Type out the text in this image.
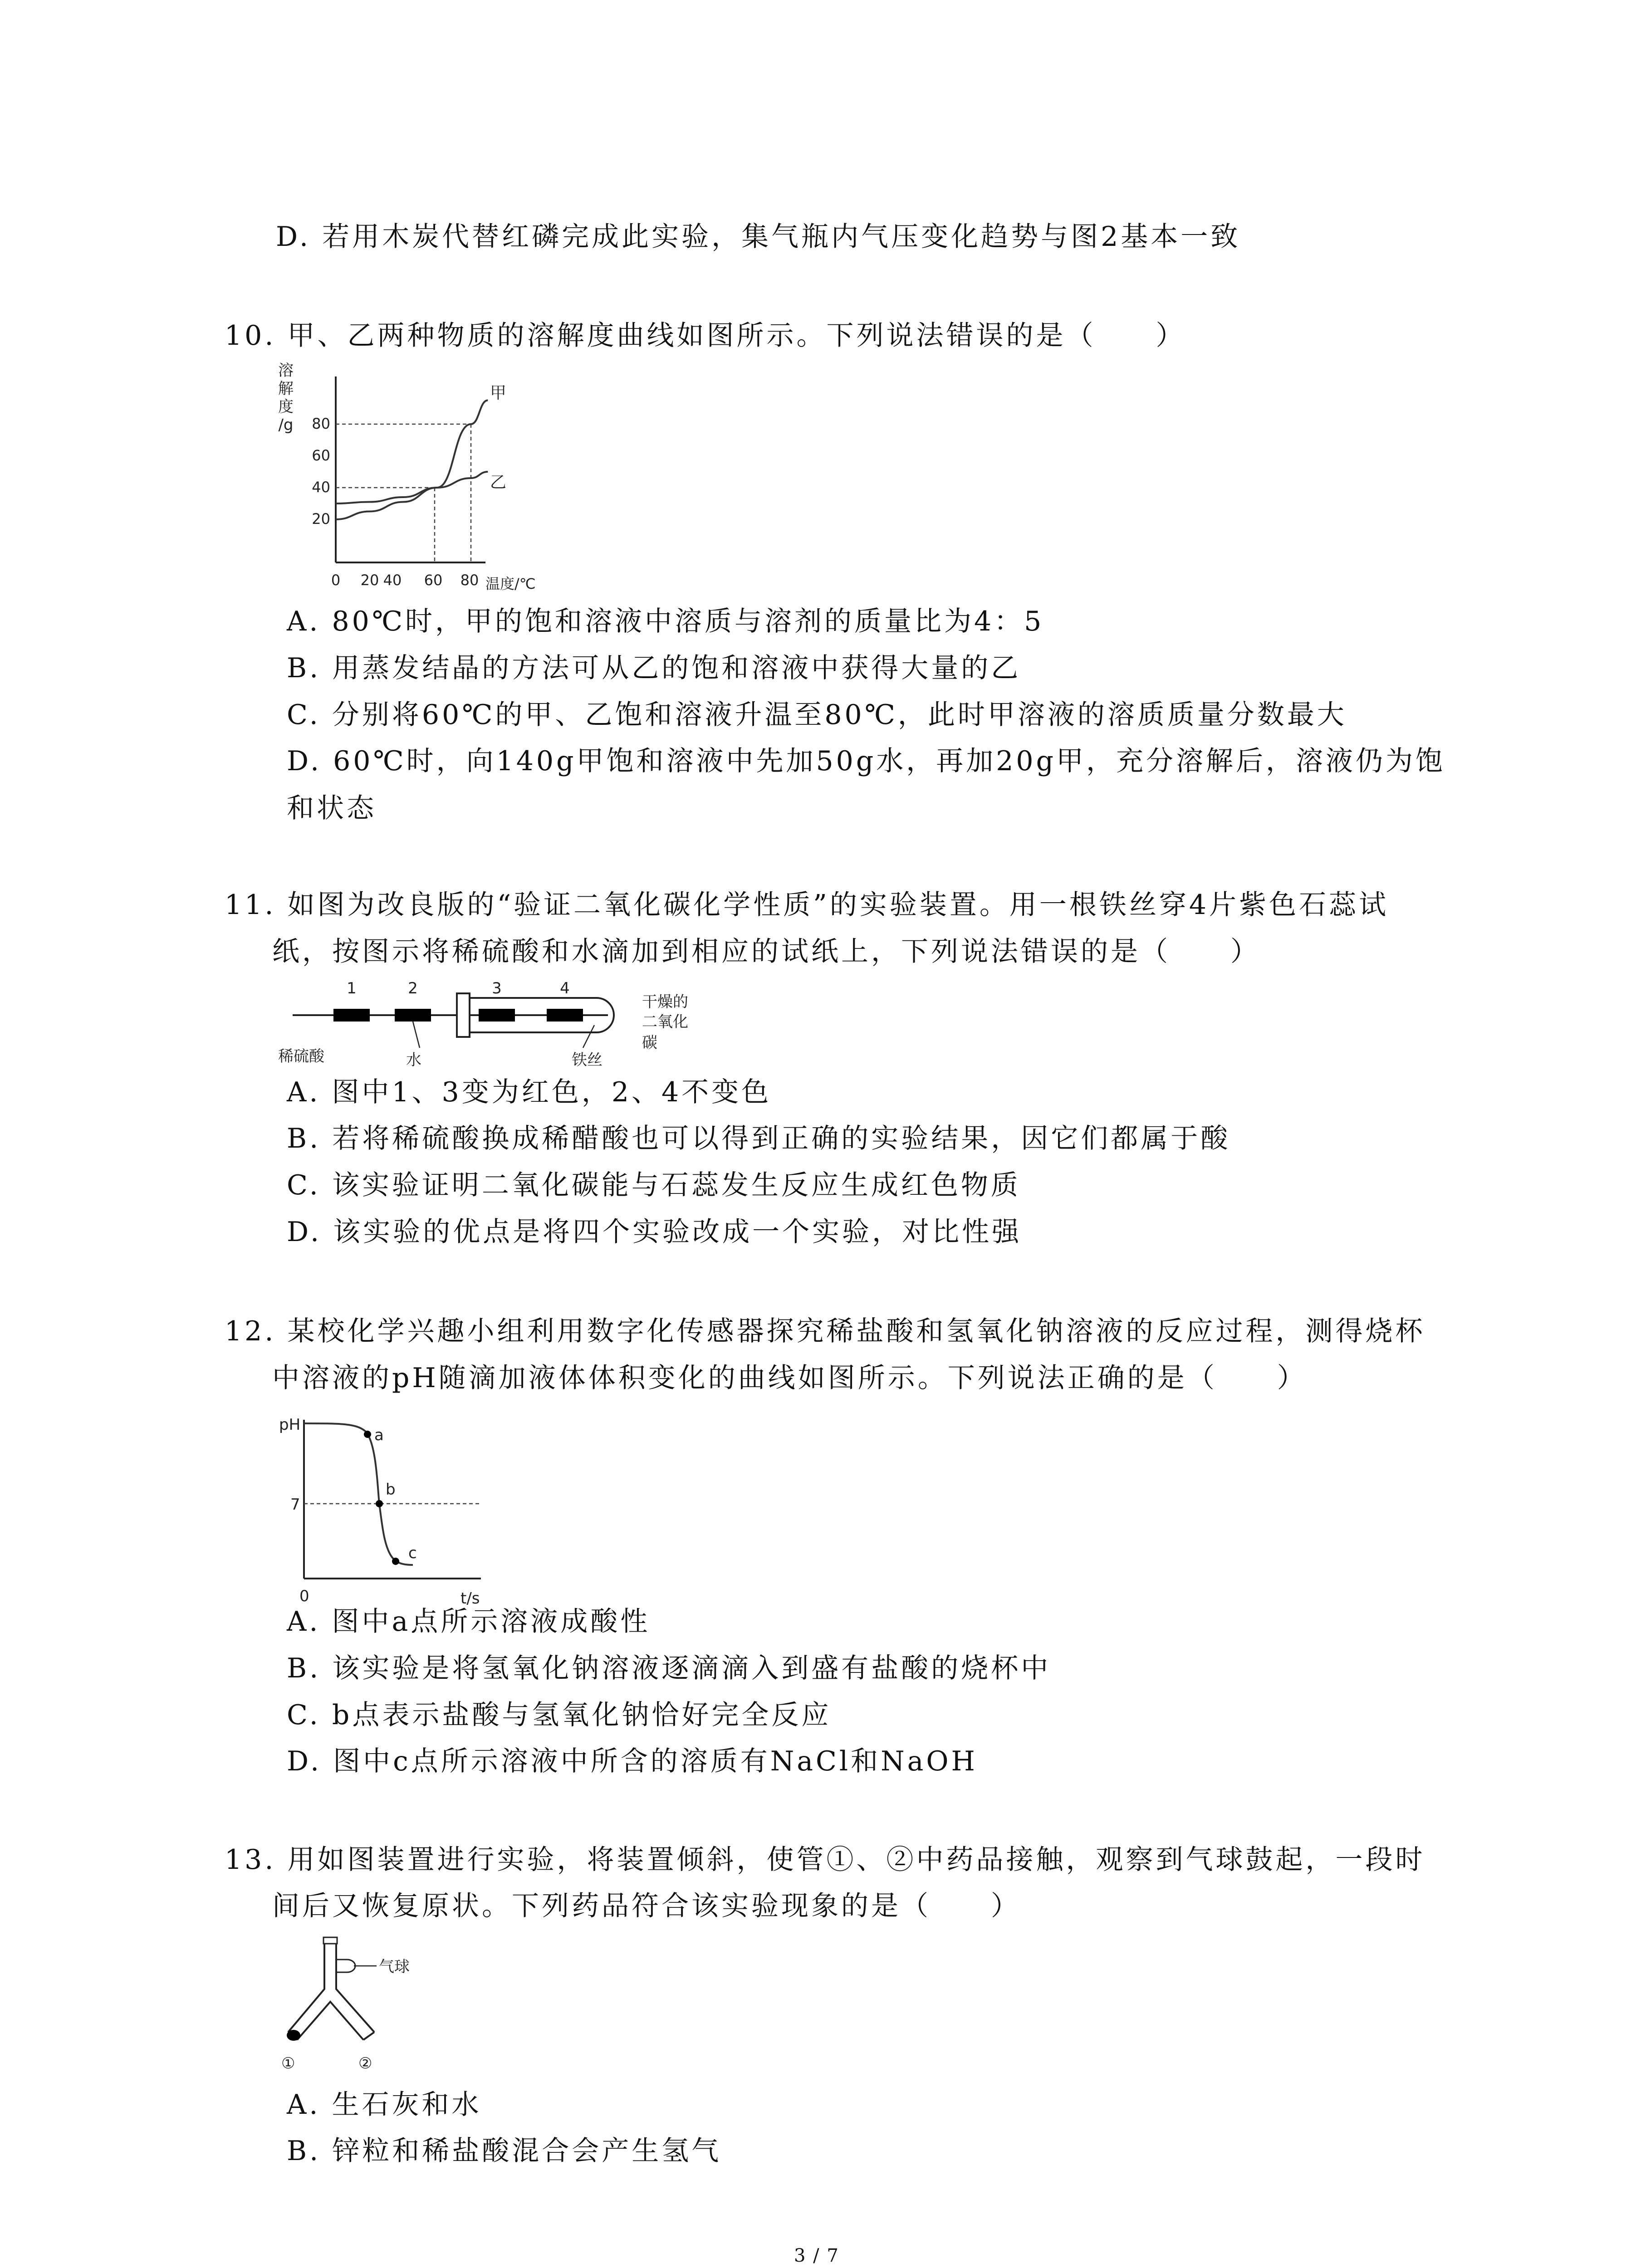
D. 若用木炭代替红磷完成此实验，集气瓶内气压变化趋势与图2基本一致
10. 甲、乙两种物质的溶解度曲线如图所示。下列说法错误的是（　　）
溶
解
度
/g 80
60
40
20
0 20 40 60 80 温度/℃
甲
乙
A. 80℃时，甲的饱和溶液中溶质与溶剂的质量比为4：5
B. 用蒸发结晶的方法可从乙的饱和溶液中获得大量的乙
C. 分别将60℃的甲、乙饱和溶液升温至80℃，此时甲溶液的溶质质量分数最大
D. 60℃时，向140g甲饱和溶液中先加50g水，再加20g甲，充分溶解后，溶液仍为饱
和状态
11. 如图为改良版的“验证二氧化碳化学性质”的实验装置。用一根铁丝穿4片紫色石蕊试
纸，按图示将稀硫酸和水滴加到相应的试纸上，下列说法错误的是（　　）
1	2	3	4
稀硫酸	水	铁丝
干燥的
二氧化
碳
A. 图中1、3变为红色，2、4不变色
B. 若将稀硫酸换成稀醋酸也可以得到正确的实验结果，因它们都属于酸
C. 该实验证明二氧化碳能与石蕊发生反应生成红色物质
D. 该实验的优点是将四个实验改成一个实验，对比性强
12. 某校化学兴趣小组利用数字化传感器探究稀盐酸和氢氧化钠溶液的反应过程，测得烧杯
中溶液的pH随滴加液体体积变化的曲线如图所示。下列说法正确的是（　　）
pH
7
0	t/s
a
b
c
A. 图中a点所示溶液成酸性
B. 该实验是将氢氧化钠溶液逐滴滴入到盛有盐酸的烧杯中
C. b点表示盐酸与氢氧化钠恰好完全反应
D. 图中c点所示溶液中所含的溶质有NaCl和NaOH
13. 用如图装置进行实验，将装置倾斜，使管①、②中药品接触，观察到气球鼓起，一段时
间后又恢复原状。下列药品符合该实验现象的是（　　）
气球
①	②
A. 生石灰和水
B. 锌粒和稀盐酸混合会产生氢气
3 / 7
